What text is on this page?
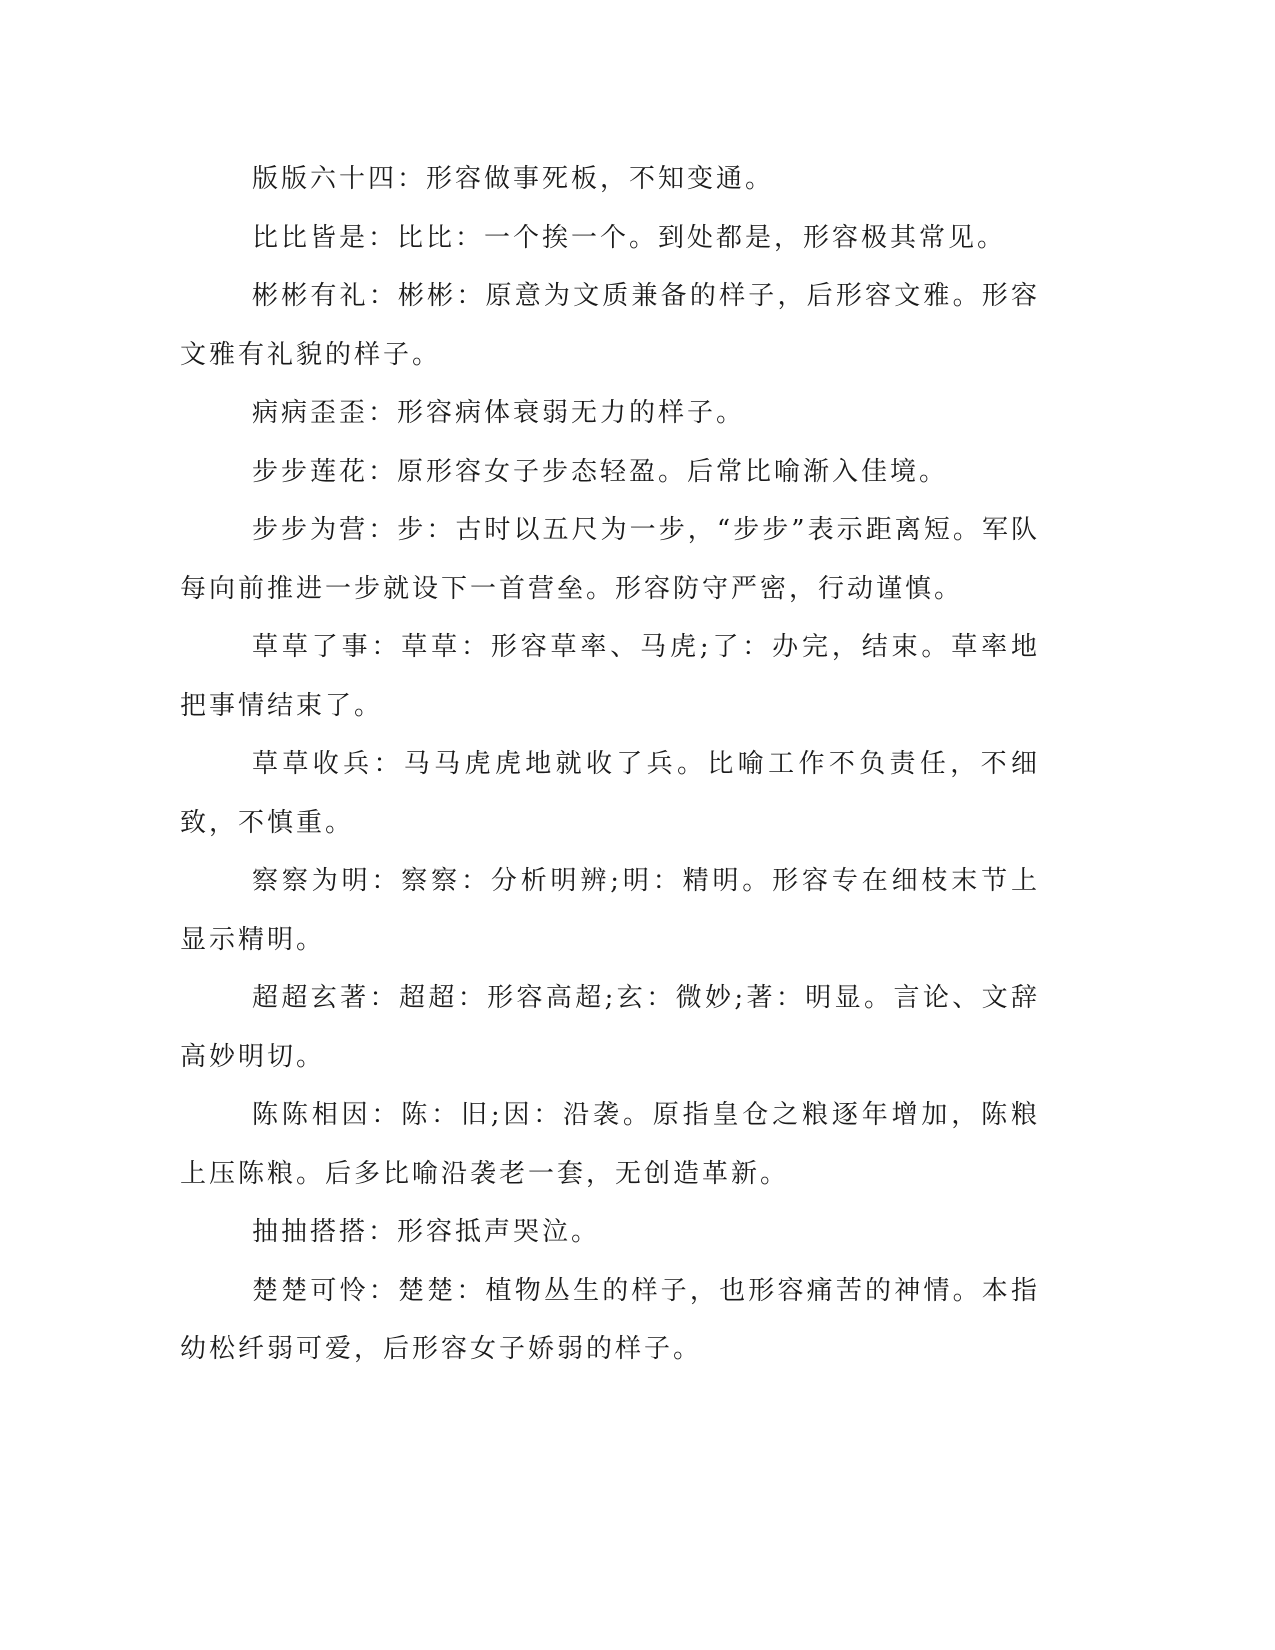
版版六十四：形容做事死板，不知变通。

比比皆是：比比：一个挨一个。到处都是，形容极其常见。

彬彬有礼：彬彬：原意为文质兼备的样子，后形容文雅。形容文雅有礼貌的样子。

病病歪歪：形容病体衰弱无力的样子。

步步莲花：原形容女子步态轻盈。后常比喻渐入佳境。

步步为营：步：古时以五尺为一步，“步步”表示距离短。军队每向前推进一步就设下一首营垒。形容防守严密，行动谨慎。

草草了事：草草：形容草率、马虎;了：办完，结束。草率地把事情结束了。

草草收兵：马马虎虎地就收了兵。比喻工作不负责任，不细致，不慎重。

察察为明：察察：分析明辨;明：精明。形容专在细枝末节上显示精明。

超超玄著：超超：形容高超;玄：微妙;著：明显。言论、文辞高妙明切。

陈陈相因：陈：旧;因：沿袭。原指皇仓之粮逐年增加，陈粮上压陈粮。后多比喻沿袭老一套，无创造革新。

抽抽搭搭：形容抵声哭泣。

楚楚可怜：楚楚：植物丛生的样子，也形容痛苦的神情。本指幼松纤弱可爱，后形容女子娇弱的样子。
